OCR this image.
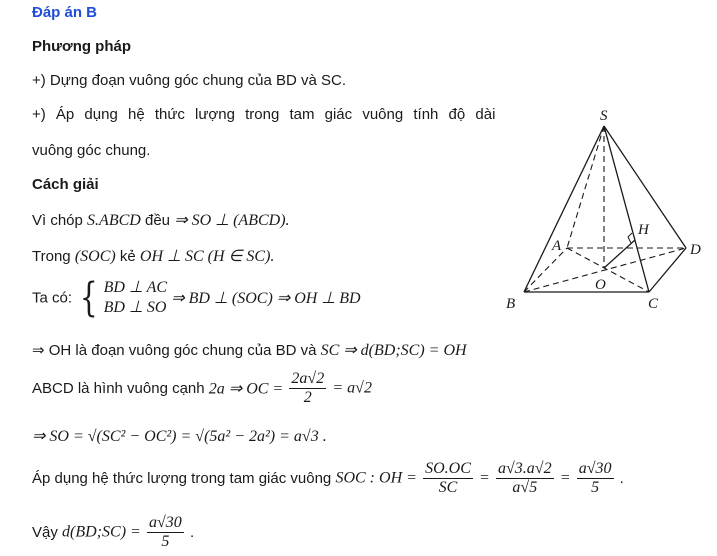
Đáp án B
Phương pháp
+) Dựng đoạn vuông góc chung của BD và SC.
+) Áp dụng hệ thức lượng trong tam giác vuông tính độ dài
vuông góc chung.
Cách giải
Vì chóp S.ABCD đều ⇒ SO ⊥ (ABCD).
Trong (SOC) kẻ OH ⊥ SC (H ∈ SC).
Ta có: { BD ⊥ AC
BD ⊥ SO
⇒ BD ⊥ (SOC) ⇒ OH ⊥ BD
⇒ OH là đoạn vuông góc chung của BD và SC ⇒ d(BD;SC) = OH
ABCD là hình vuông cạnh 2a ⇒ OC = $\frac{2a√2}{2} = a√2$
⇒ SO = √(SC² − OC²) = √(5a² − 2a²) = a√3 .
Áp dụng hệ thức lượng trong tam giác vuông SOC : OH = $\frac{SO.OC}{SC} = \frac{a√3.a√2}{a√5} = \frac{a√30}{5}$ .
Vậy d(BD;SC) = $\frac{a√30}{5}$ .
S
A
B	C
D
O
H
